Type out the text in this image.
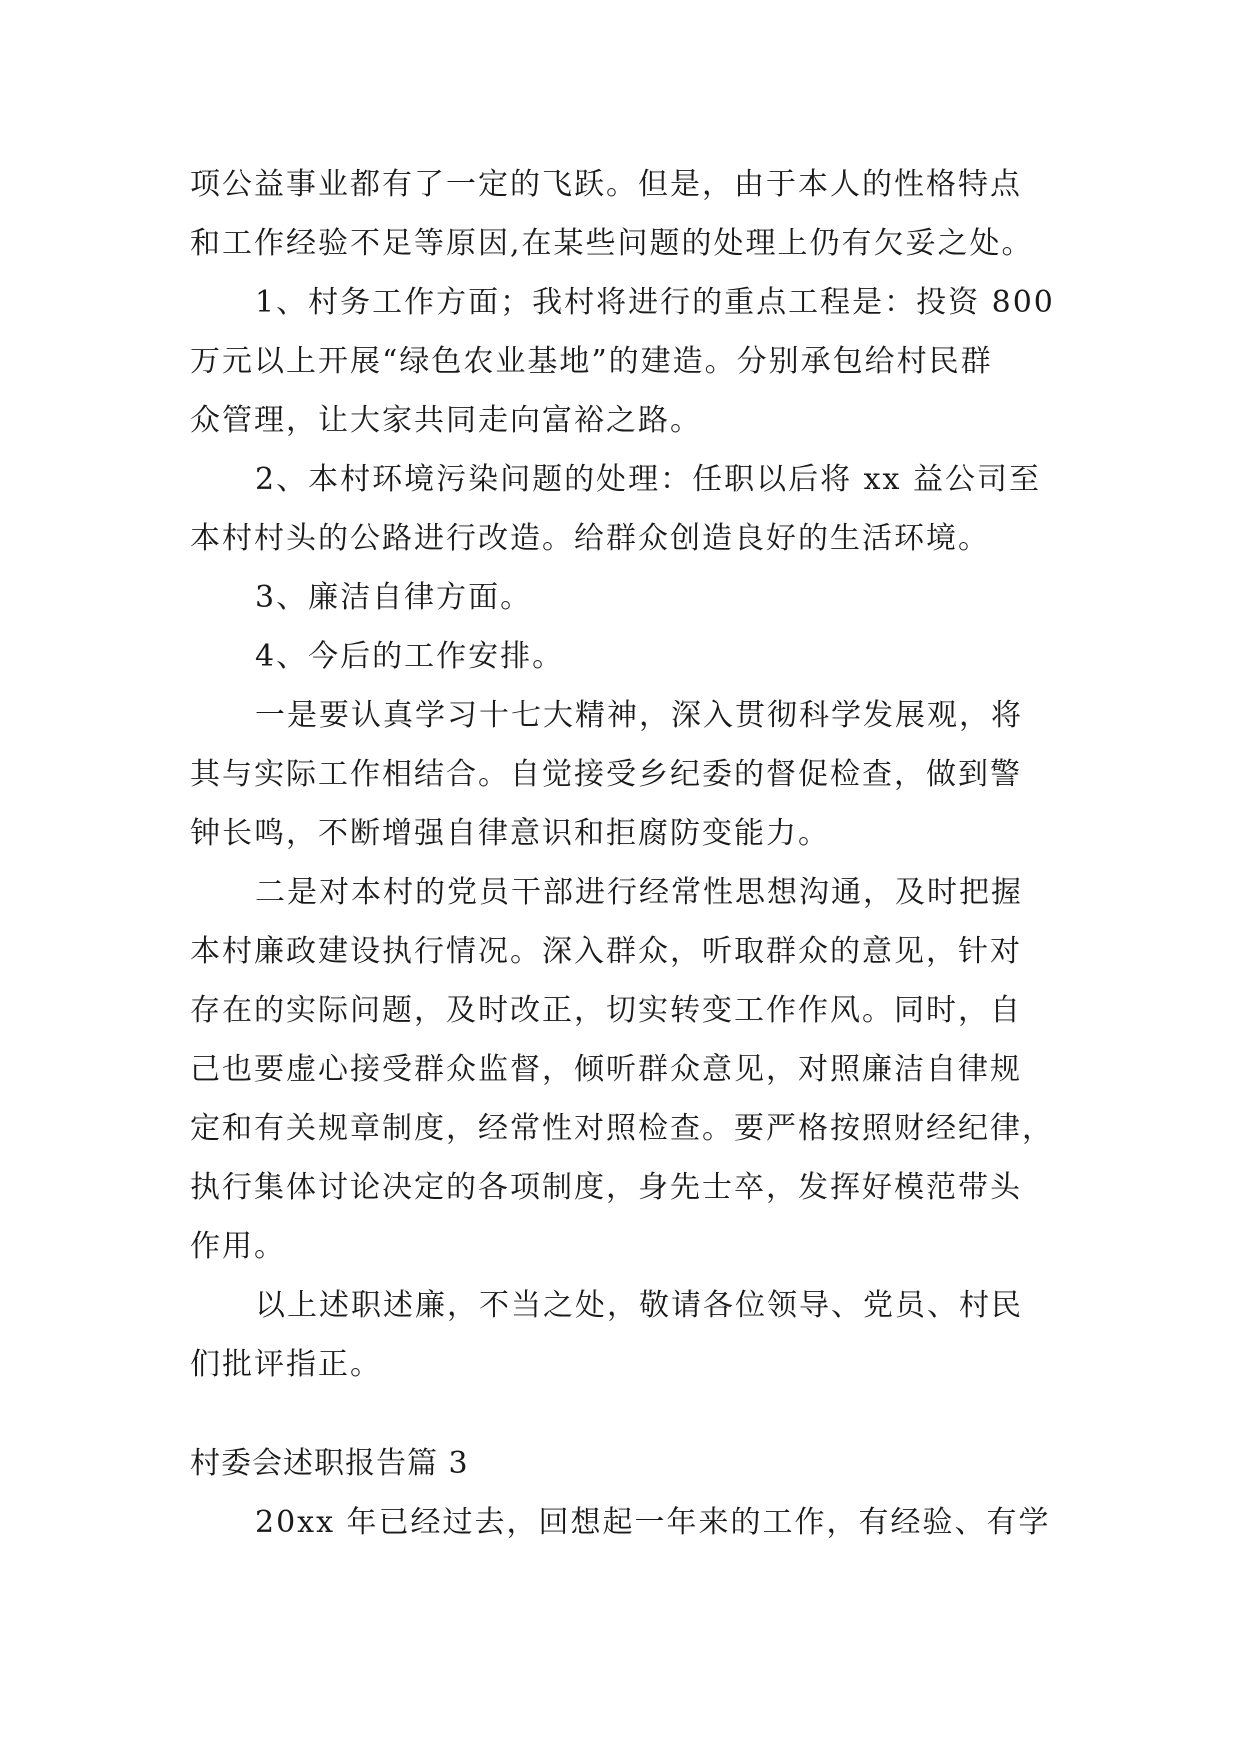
项公益事业都有了一定的飞跃。但是，由于本人的性格特点
和工作经验不足等原因,在某些问题的处理上仍有欠妥之处。
1、村务工作方面；我村将进行的重点工程是：投资 800
万元以上开展“绿色农业基地”的建造。分别承包给村民群
众管理，让大家共同走向富裕之路。
2、本村环境污染问题的处理：任职以后将 xx 益公司至
本村村头的公路进行改造。给群众创造良好的生活环境。
3、廉洁自律方面。
4、今后的工作安排。
一是要认真学习十七大精神，深入贯彻科学发展观，将
其与实际工作相结合。自觉接受乡纪委的督促检查，做到警
钟长鸣，不断增强自律意识和拒腐防变能力。
二是对本村的党员干部进行经常性思想沟通，及时把握
本村廉政建设执行情况。深入群众，听取群众的意见，针对
存在的实际问题，及时改正，切实转变工作作风。同时，自
己也要虚心接受群众监督，倾听群众意见，对照廉洁自律规
定和有关规章制度，经常性对照检查。要严格按照财经纪律，
执行集体讨论决定的各项制度，身先士卒，发挥好模范带头
作用。
以上述职述廉，不当之处，敬请各位领导、党员、村民
们批评指正。
村委会述职报告篇 3
20xx 年已经过去，回想起一年来的工作，有经验、有学
